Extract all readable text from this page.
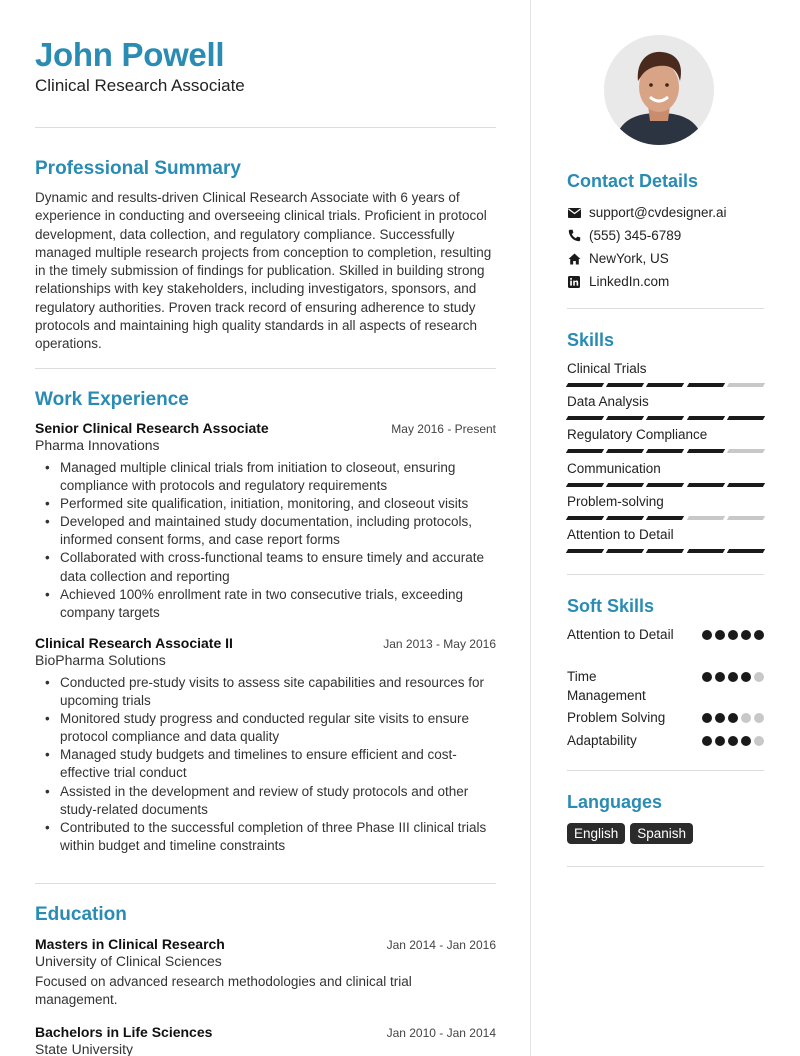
John Powell
Clinical Research Associate
Professional Summary
Dynamic and results-driven Clinical Research Associate with 6 years of experience in conducting and overseeing clinical trials. Proficient in protocol development, data collection, and regulatory compliance. Successfully managed multiple research projects from conception to completion, resulting in the timely submission of findings for publication. Skilled in building strong relationships with key stakeholders, including investigators, sponsors, and regulatory authorities. Proven track record of ensuring adherence to study protocols and maintaining high quality standards in all aspects of research operations.
Work Experience
Senior Clinical Research Associate	May 2016 - Present
Pharma Innovations
• Managed multiple clinical trials from initiation to closeout, ensuring compliance with protocols and regulatory requirements
• Performed site qualification, initiation, monitoring, and closeout visits
• Developed and maintained study documentation, including protocols, informed consent forms, and case report forms
• Collaborated with cross-functional teams to ensure timely and accurate data collection and reporting
• Achieved 100% enrollment rate in two consecutive trials, exceeding company targets
Clinical Research Associate II	Jan 2013 - May 2016
BioPharma Solutions
• Conducted pre-study visits to assess site capabilities and resources for upcoming trials
• Monitored study progress and conducted regular site visits to ensure protocol compliance and data quality
• Managed study budgets and timelines to ensure efficient and cost-effective trial conduct
• Assisted in the development and review of study protocols and other study-related documents
• Contributed to the successful completion of three Phase III clinical trials within budget and timeline constraints
Education
Masters in Clinical Research	Jan 2014 - Jan 2016
University of Clinical Sciences
Focused on advanced research methodologies and clinical trial management.
Bachelors in Life Sciences	Jan 2010 - Jan 2014
State University
Contact Details
support@cvdesigner.ai
(555) 345-6789
NewYork, US
LinkedIn.com
Skills
Clinical Trials
Data Analysis
Regulatory Compliance
Communication
Problem-solving
Attention to Detail
Soft Skills
Attention to Detail
Time Management
Problem Solving
Adaptability
Languages
English	Spanish
